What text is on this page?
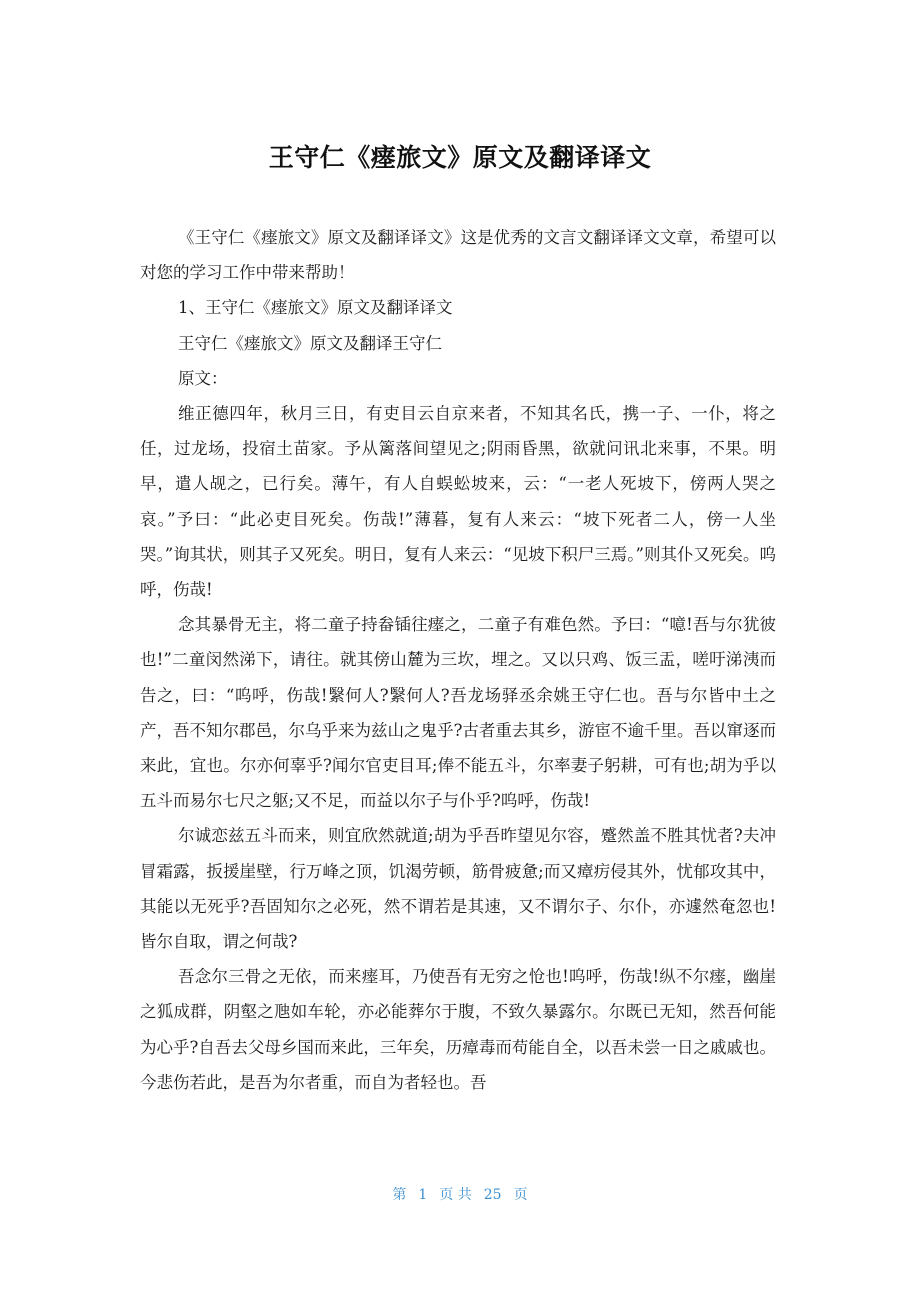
王守仁《瘗旅文》原文及翻译译文

《王守仁《瘗旅文》原文及翻译译文》这是优秀的文言文翻译译文文章，希望可以对您的学习工作中带来帮助！

1、王守仁《瘗旅文》原文及翻译译文

王守仁《瘗旅文》原文及翻译王守仁

原文：

维正德四年，秋月三日，有吏目云自京来者，不知其名氏，携一子、一仆，将之任，过龙场，投宿土苗家。予从篱落间望见之;阴雨昏黑，欲就问讯北来事，不果。明早，遣人觇之，已行矣。薄午，有人自蜈蚣坡来，云：“一老人死坡下，傍两人哭之哀。”予曰：“此必吏目死矣。伤哉!”薄暮，复有人来云：“坡下死者二人，傍一人坐哭。”询其状，则其子又死矣。明日，复有人来云：“见坡下积尸三焉。”则其仆又死矣。呜呼，伤哉!

念其暴骨无主，将二童子持畚锸往瘗之，二童子有难色然。予曰：“噫!吾与尔犹彼也!”二童闵然涕下，请往。就其傍山麓为三坎，埋之。又以只鸡、饭三盂，嗟吁涕洟而告之，曰：“呜呼，伤哉!繄何人?繄何人?吾龙场驿丞余姚王守仁也。吾与尔皆中土之产，吾不知尔郡邑，尔乌乎来为兹山之鬼乎?古者重去其乡，游宦不逾千里。吾以窜逐而来此，宜也。尔亦何辜乎?闻尔官吏目耳;俸不能五斗，尔率妻子躬耕，可有也;胡为乎以五斗而易尔七尺之躯;又不足，而益以尔子与仆乎?呜呼，伤哉!

尔诚恋兹五斗而来，则宜欣然就道;胡为乎吾昨望见尔容，蹙然盖不胜其忧者?夫冲冒霜露，扳援崖壁，行万峰之顶，饥渴劳顿，筋骨疲惫;而又瘴疠侵其外，忧郁攻其中，其能以无死乎?吾固知尔之必死，然不谓若是其速，又不谓尔子、尔仆，亦遽然奄忽也!皆尔自取，谓之何哉?

吾念尔三骨之无依，而来瘗耳，乃使吾有无穷之怆也!呜呼，伤哉!纵不尔瘗，幽崖之狐成群，阴壑之虺如车轮，亦必能葬尔于腹，不致久暴露尔。尔既已无知，然吾何能为心乎?自吾去父母乡国而来此，三年矣，历瘴毒而苟能自全，以吾未尝一日之戚戚也。今悲伤若此，是吾为尔者重，而自为者轻也。吾

第 1 页 共 25 页
